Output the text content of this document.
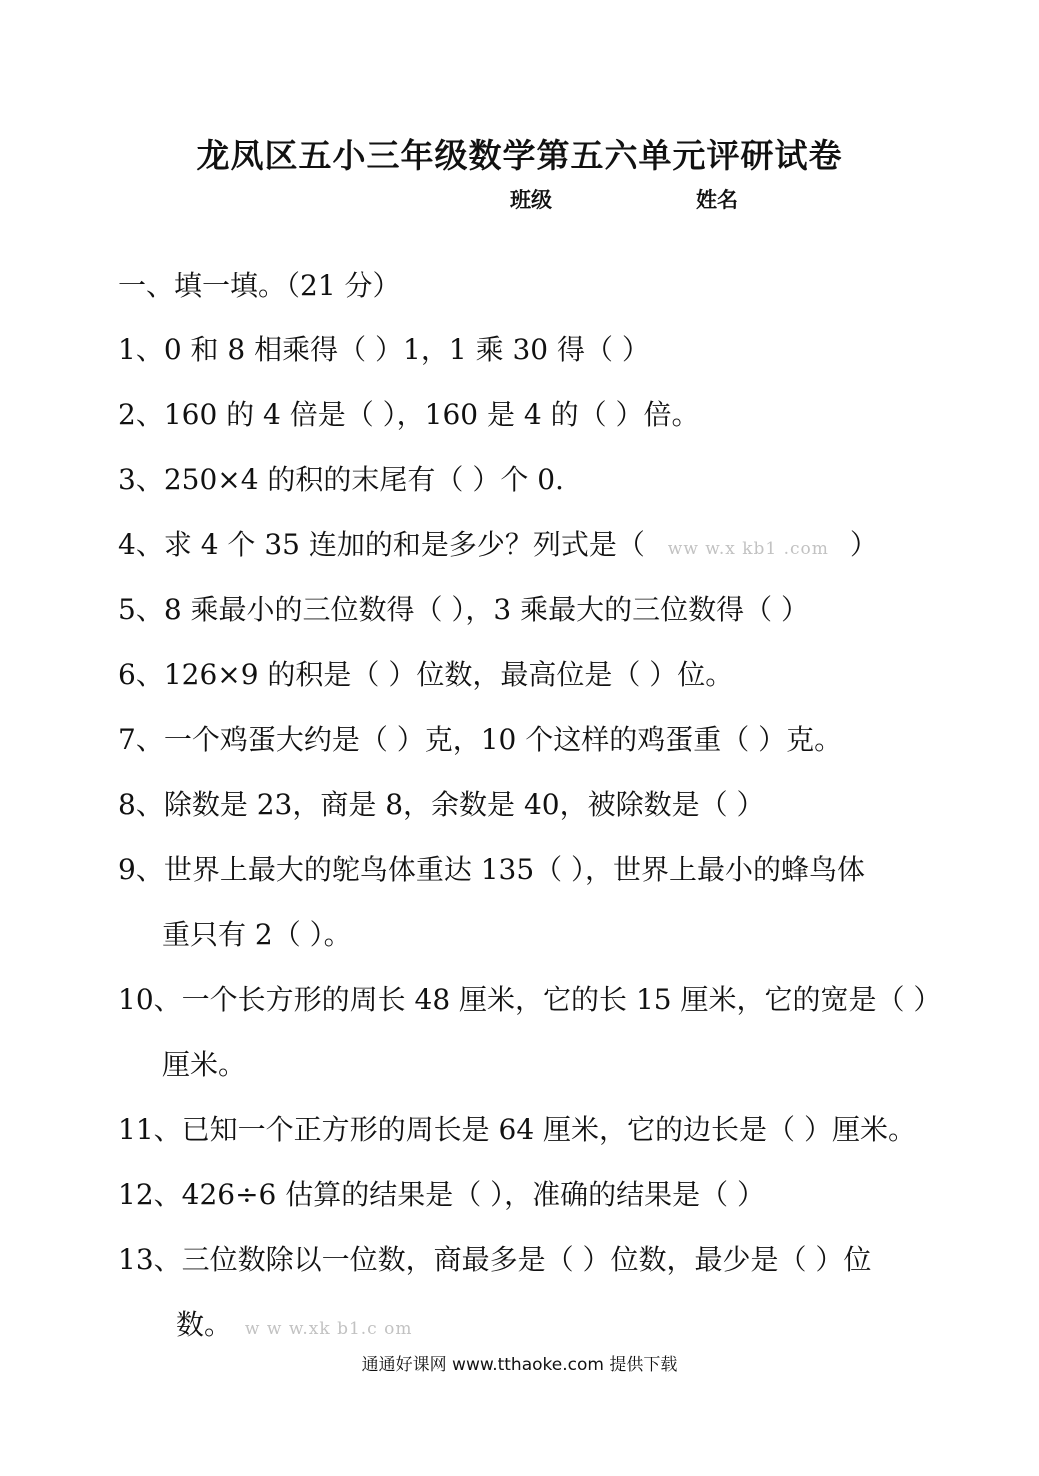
龙凤区五小三年级数学第五六单元评研试卷
班级	姓名
一、填一填。（21 分）
1、0 和 8 相乘得（ ）1，1 乘 30 得（ ）
2、160 的 4 倍是（ ），160 是 4 的（ ）倍。
3、250×4 的积的末尾有（ ）个 0.
4、求 4 个 35 连加的和是多少？列式是（ ww w.x kb1 .com ）
5、8 乘最小的三位数得（ ），3 乘最大的三位数得（ ）
6、126×9 的积是（ ）位数，最高位是（ ）位。
7、一个鸡蛋大约是（ ）克，10 个这样的鸡蛋重（ ）克。
8、除数是 23，商是 8，余数是 40，被除数是（ ）
9、世界上最大的鸵鸟体重达 135（ ），世界上最小的蜂鸟体
重只有 2（ ）。
10、一个长方形的周长 48 厘米，它的长 15 厘米，它的宽是（ ）
厘米。
11、已知一个正方形的周长是 64 厘米，它的边长是（ ）厘米。
12、426÷6 估算的结果是（ ），准确的结果是（ ）
13、三位数除以一位数，商最多是（ ）位数，最少是（ ）位
数。 w w w.xk b1.c om
通通好课网 www.tthaoke.com 提供下载
